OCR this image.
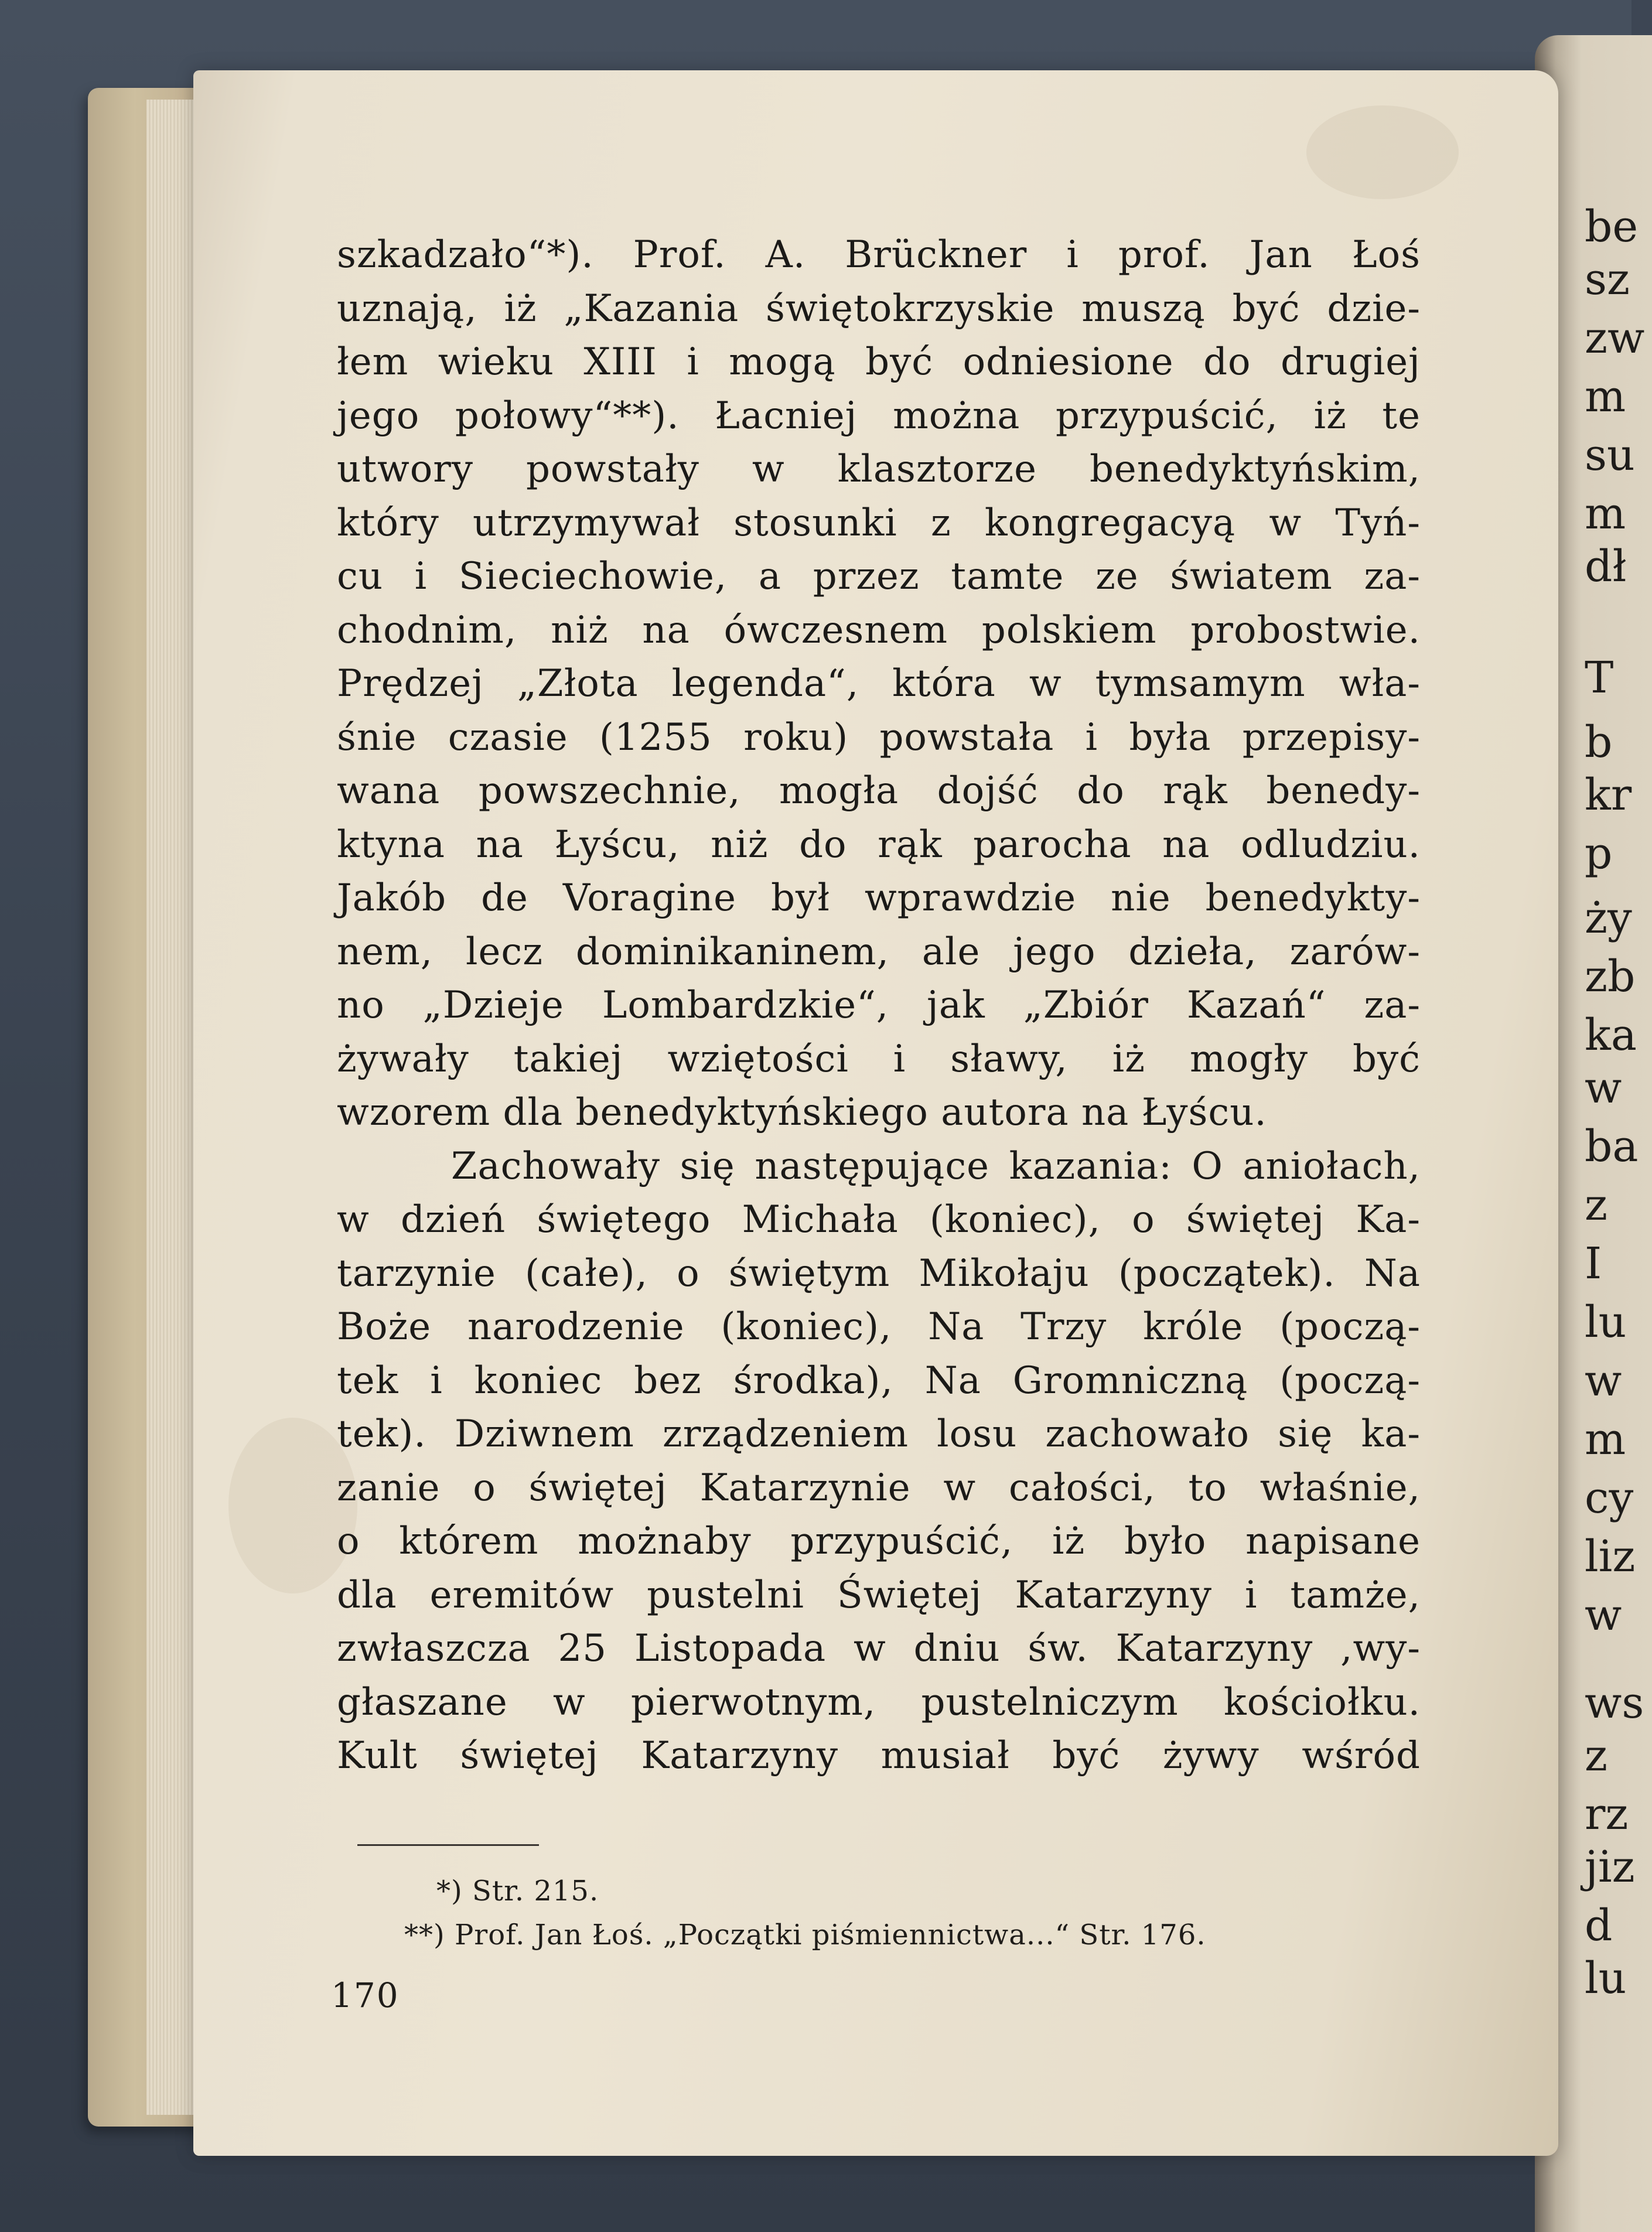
be
sz
zw
m
su
m
dł
T
b
kr
p
ży
zb
ka
w
ba
z
I
lu
w
m
cy
liz
w
ws
z
rz
jiz
d
lu
szkadzało“*). Prof. A. Brückner i prof. Jan Łoś
uznają, iż „Kazania świętokrzyskie muszą być dzie-
łem wieku XIII i mogą być odniesione do drugiej
jego połowy“**). Łacniej można przypuścić, iż te
utwory powstały w klasztorze benedyktyńskim,
który utrzymywał stosunki z kongregacyą w Tyń-
cu i Sieciechowie, a przez tamte ze światem za-
chodnim, niż na ówczesnem polskiem probostwie.
Prędzej „Złota legenda“, która w tymsamym wła-
śnie czasie (1255 roku) powstała i była przepisy-
wana powszechnie, mogła dojść do rąk benedy-
ktyna na Łyścu, niż do rąk parocha na odludziu.
Jakób de Voragine był wprawdzie nie benedykty-
nem, lecz dominikaninem, ale jego dzieła, zarów-
no „Dzieje Lombardzkie“, jak „Zbiór Kazań“ za-
żywały takiej wziętości i sławy, iż mogły być
wzorem dla benedyktyńskiego autora na Łyścu.
Zachowały się następujące kazania: O aniołach,
w dzień świętego Michała (koniec), o świętej Ka-
tarzynie (całe), o świętym Mikołaju (początek). Na
Boże narodzenie (koniec), Na Trzy króle (począ-
tek i koniec bez środka), Na Gromniczną (począ-
tek). Dziwnem zrządzeniem losu zachowało się ka-
zanie o świętej Katarzynie w całości, to właśnie,
o którem możnaby przypuścić, iż było napisane
dla eremitów pustelni Świętej Katarzyny i tamże,
zwłaszcza 25 Listopada w dniu św. Katarzyny ,wy-
głaszane w pierwotnym, pustelniczym kościołku.
Kult świętej Katarzyny musiał być żywy wśród
*) Str. 215.
**) Prof. Jan Łoś. „Początki piśmiennictwa...“ Str. 176.
170
